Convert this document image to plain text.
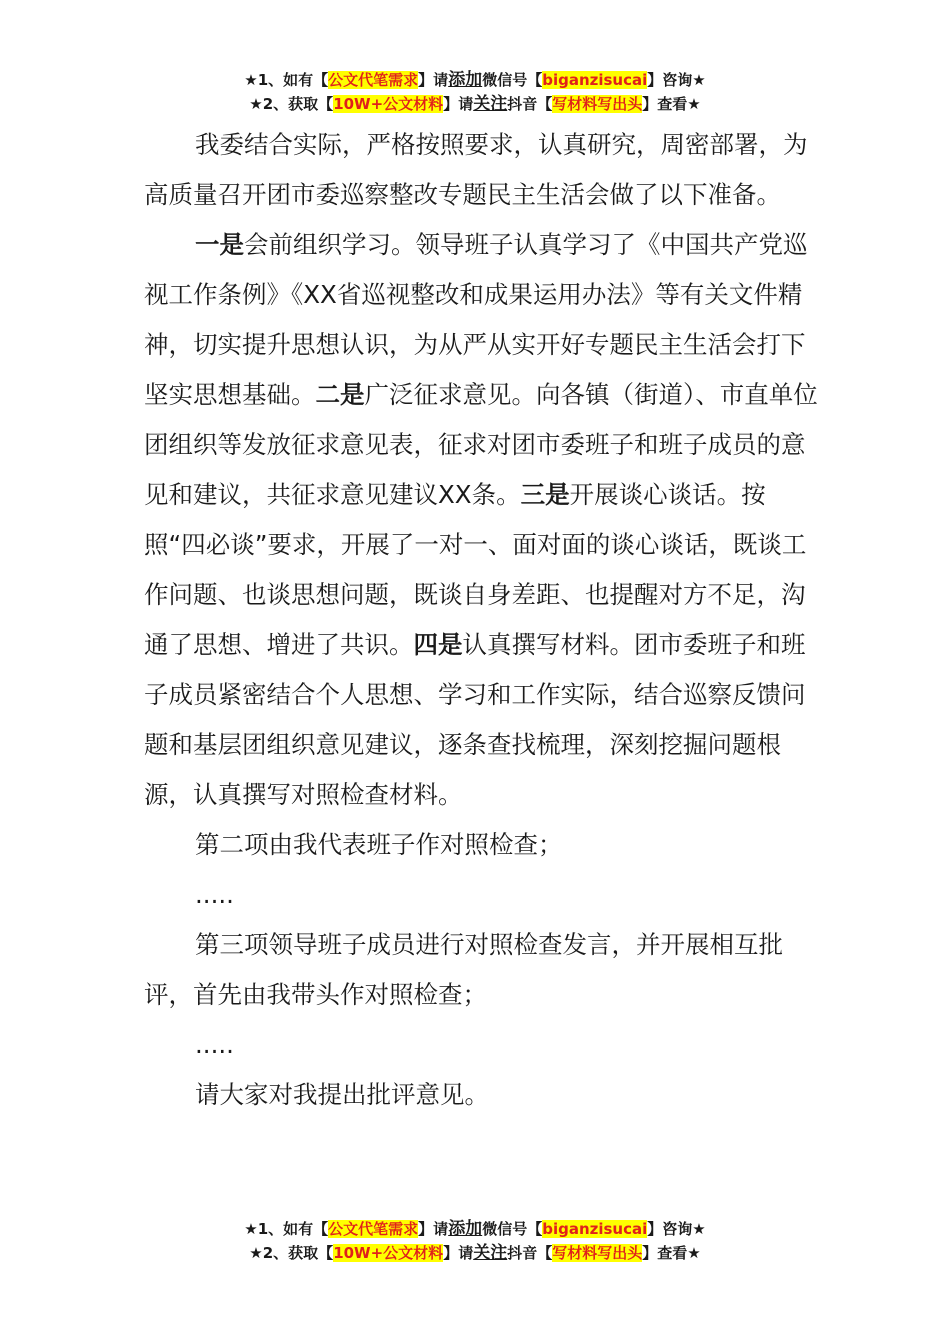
★1、如有【公文代笔需求】请添加微信号【biganzisucai】咨询★
★2、获取【10W+公文材料】请关注抖音【写材料写出头】查看★

我委结合实际，严格按照要求，认真研究，周密部署，为高质量召开团市委巡察整改专题民主生活会做了以下准备。

一是会前组织学习。领导班子认真学习了《中国共产党巡视工作条例》《XX省巡视整改和成果运用办法》等有关文件精神，切实提升思想认识，为从严从实开好专题民主生活会打下坚实思想基础。二是广泛征求意见。向各镇（街道）、市直单位团组织等发放征求意见表，征求对团市委班子和班子成员的意见和建议，共征求意见建议XX条。三是开展谈心谈话。按照“四必谈”要求，开展了一对一、面对面的谈心谈话，既谈工作问题、也谈思想问题，既谈自身差距、也提醒对方不足，沟通了思想、增进了共识。四是认真撰写材料。团市委班子和班子成员紧密结合个人思想、学习和工作实际，结合巡察反馈问题和基层团组织意见建议，逐条查找梳理，深刻挖掘问题根源，认真撰写对照检查材料。

第二项由我代表班子作对照检查；

.....

第三项领导班子成员进行对照检查发言，并开展相互批评，首先由我带头作对照检查；

.....

请大家对我提出批评意见。

★1、如有【公文代笔需求】请添加微信号【biganzisucai】咨询★
★2、获取【10W+公文材料】请关注抖音【写材料写出头】查看★
